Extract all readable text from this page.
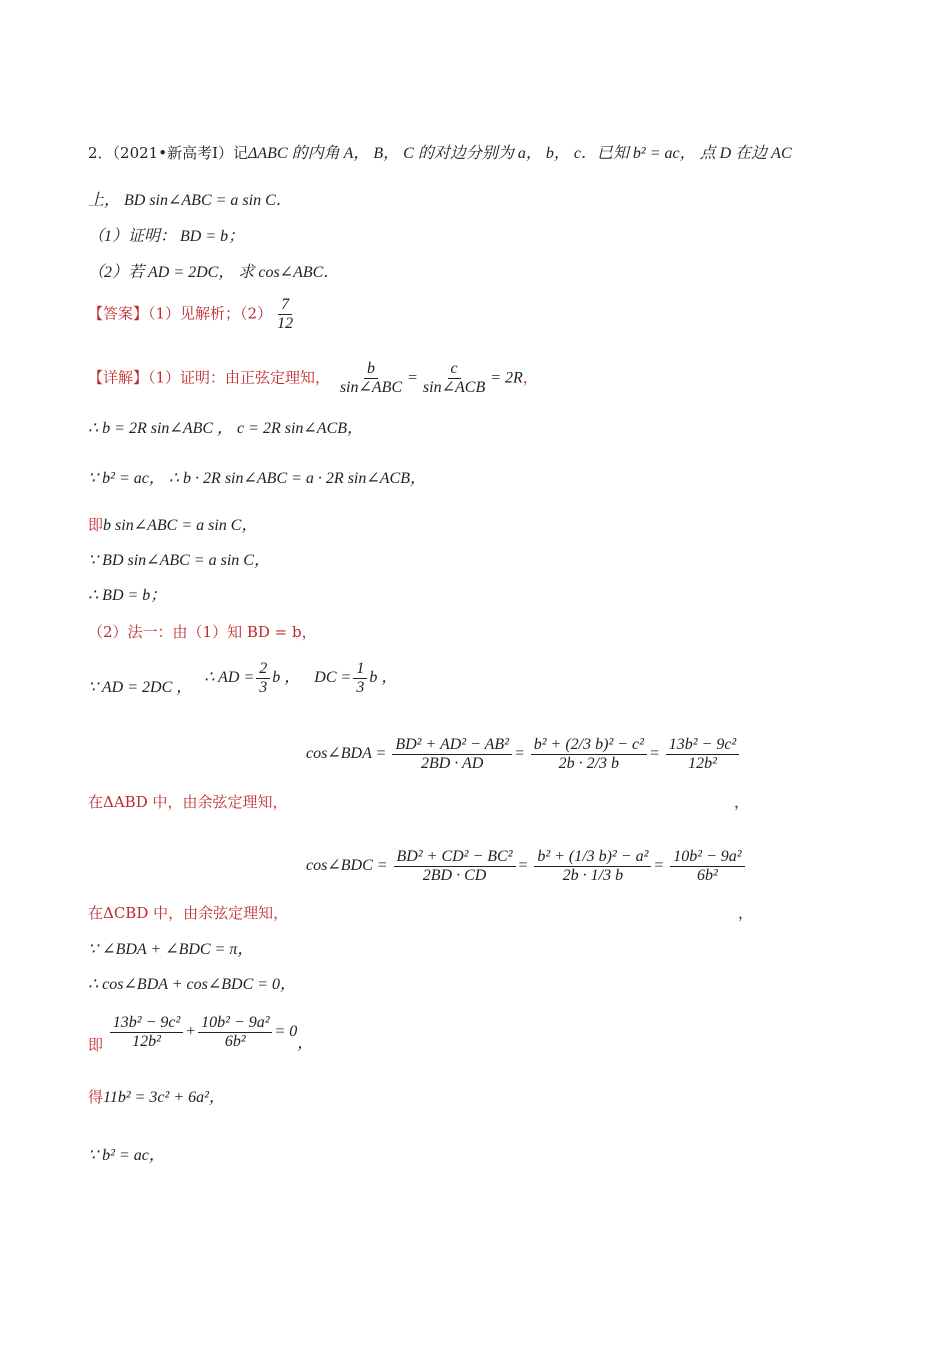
2．（2021•新高考Ⅰ）记ΔABC 的内角 A， B， C 的对边分别为 a， b， c．已知 b² = ac， 点 D 在边 AC
上， BD sin∠ABC = a sin C．
（1）证明： BD = b；
（2）若 AD = 2DC， 求 cos∠ABC．
【答案】（1）见解析；$(2) \frac{7}{12}$
【详解】（1）证明：由正弦定理知， $\frac{b}{\text{sin∠ABC}} = \frac{c}{\text{sin∠ACB}} = 2R$，
∴ b = 2R sin∠ABC ， c = 2R sin∠ACB，
∵ b² = ac， ∴ b · 2R sin∠ABC = a · 2R sin∠ACB，
即b sin∠ABC = a sin C，
∵ BD sin∠ABC = a sin C，
∴ BD = b；
（2）法一：由（1）知 BD = b，
∵ AD = 2DC ， ∴ AD = $\frac{2}{3}$ b ， DC = $\frac{1}{3}$ b ，
cos∠BDA = $\frac{\text{BD² + AD² − AB²}}{2BD \cdot AD} = \frac{\text{b² + (2/3 b)² − c²}}{2b \cdot 2/3 b} = \frac{\text{13b² − 9c²}}{\text{12b²}}$
在ΔABD 中，由余弦定理知，	，
cos∠BDC = $\frac{\text{BD² + CD² − BC²}}{2BD \cdot CD} = \frac{\text{b² + (1/3 b)² − a²}}{2b \cdot 1/3 b} = \frac{\text{10b² − 9a²}}{\text{6b²}}$
在ΔCBD 中，由余弦定理知，	，
∵ ∠BDA + ∠BDC = π，
∴ cos∠BDA + cos∠BDC = 0，
即 $\frac{\text{13b² − 9c²}}{\text{12b²}} + \frac{\text{10b² − 9a²}}{\text{6b²}} = 0$，
得11b² = 3c² + 6a²，
∵ b² = ac，
